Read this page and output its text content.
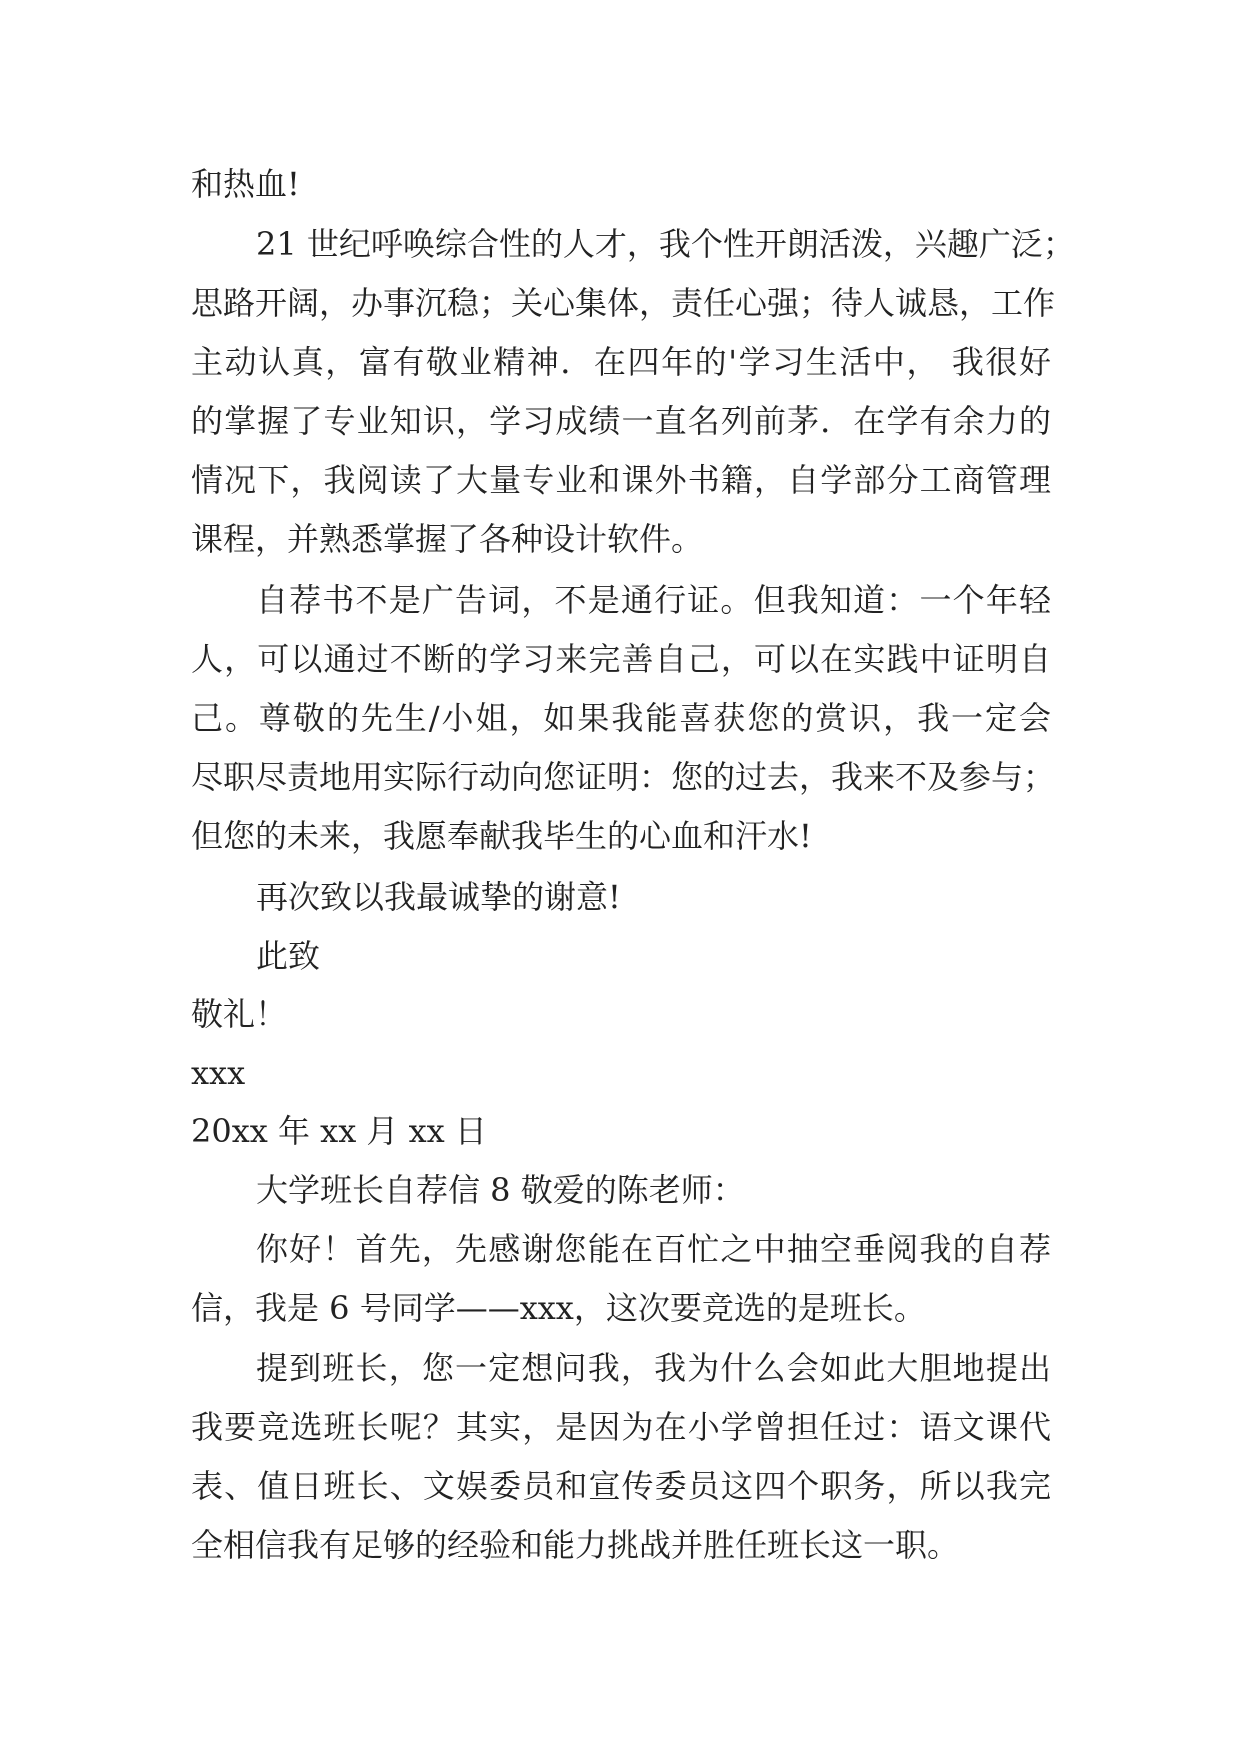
和热血!

21 世纪呼唤综合性的人才，我个性开朗活泼，兴趣广泛；

思路开阔，办事沉稳；关心集体，责任心强；待人诚恳，工作

主动认真，富有敬业精神．在四年的'学习生活中， 我很好

的掌握了专业知识，学习成绩一直名列前茅．在学有余力的

情况下，我阅读了大量专业和课外书籍，自学部分工商管理

课程，并熟悉掌握了各种设计软件。

自荐书不是广告词，不是通行证。但我知道：一个年轻

人，可以通过不断的学习来完善自己，可以在实践中证明自

己。尊敬的先生/小姐，如果我能喜获您的赏识，我一定会

尽职尽责地用实际行动向您证明：您的过去，我来不及参与；

但您的未来，我愿奉献我毕生的心血和汗水!

再次致以我最诚挚的谢意!

此致

敬礼！

xxx

20xx 年 xx 月 xx 日

大学班长自荐信 8 敬爱的陈老师：

你好！首先，先感谢您能在百忙之中抽空垂阅我的自荐

信，我是 6 号同学——xxx，这次要竞选的是班长。

提到班长，您一定想问我，我为什么会如此大胆地提出

我要竞选班长呢？其实，是因为在小学曾担任过：语文课代

表、值日班长、文娱委员和宣传委员这四个职务，所以我完

全相信我有足够的经验和能力挑战并胜任班长这一职。
